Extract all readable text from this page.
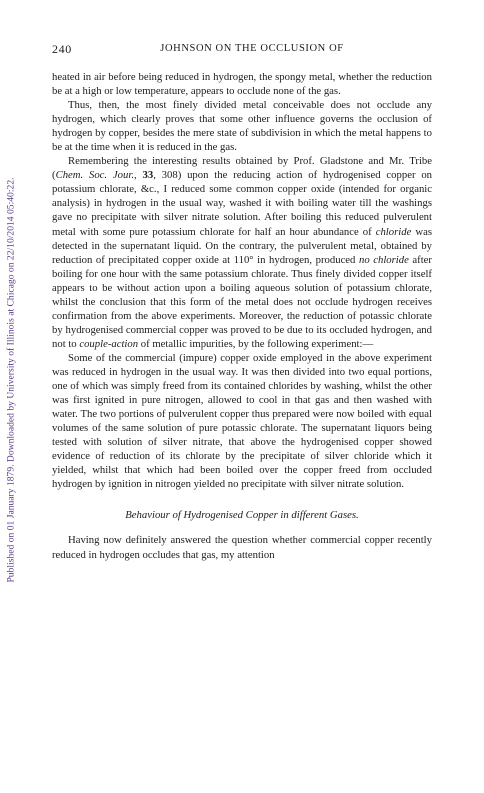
Published on 01 January 1879. Downloaded by University of Illinois at Chicago on 22/10/2014 05:40:22.
240	JOHNSON ON THE OCCLUSION OF

heated in air before being reduced in hydrogen, the spongy metal, whether the reduction be at a high or low temperature, appears to occlude none of the gas.

Thus, then, the most finely divided metal conceivable does not occlude any hydrogen, which clearly proves that some other influence governs the occlusion of hydrogen by copper, besides the mere state of subdivision in which the metal happens to be at the time when it is reduced in the gas.

Remembering the interesting results obtained by Prof. Gladstone and Mr. Tribe (Chem. Soc. Jour., 33, 308) upon the reducing action of hydrogenised copper on potassium chlorate, &c., I reduced some common copper oxide (intended for organic analysis) in hydrogen in the usual way, washed it with boiling water till the washings gave no precipitate with silver nitrate solution. After boiling this reduced pulverulent metal with some pure potassium chlorate for half an hour abundance of chloride was detected in the supernatant liquid. On the contrary, the pulverulent metal, obtained by reduction of precipitated copper oxide at 110° in hydrogen, produced no chloride after boiling for one hour with the same potassium chlorate. Thus finely divided copper itself appears to be without action upon a boiling aqueous solution of potassium chlorate, whilst the conclusion that this form of the metal does not occlude hydrogen receives confirmation from the above experiments. Moreover, the reduction of potassic chlorate by hydrogenised commercial copper was proved to be due to its occluded hydrogen, and not to couple-action of metallic impurities, by the following experiment:—

Some of the commercial (impure) copper oxide employed in the above experiment was reduced in hydrogen in the usual way. It was then divided into two equal portions, one of which was simply freed from its contained chlorides by washing, whilst the other was first ignited in pure nitrogen, allowed to cool in that gas and then washed with water. The two portions of pulverulent copper thus prepared were now boiled with equal volumes of the same solution of pure potassic chlorate. The supernatant liquors being tested with solution of silver nitrate, that above the hydrogenised copper showed evidence of reduction of its chlorate by the precipitate of silver chloride which it yielded, whilst that which had been boiled over the copper freed from occluded hydrogen by ignition in nitrogen yielded no precipitate with silver nitrate solution.

Behaviour of Hydrogenised Copper in different Gases.

Having now definitely answered the question whether commercial copper recently reduced in hydrogen occludes that gas, my attention
